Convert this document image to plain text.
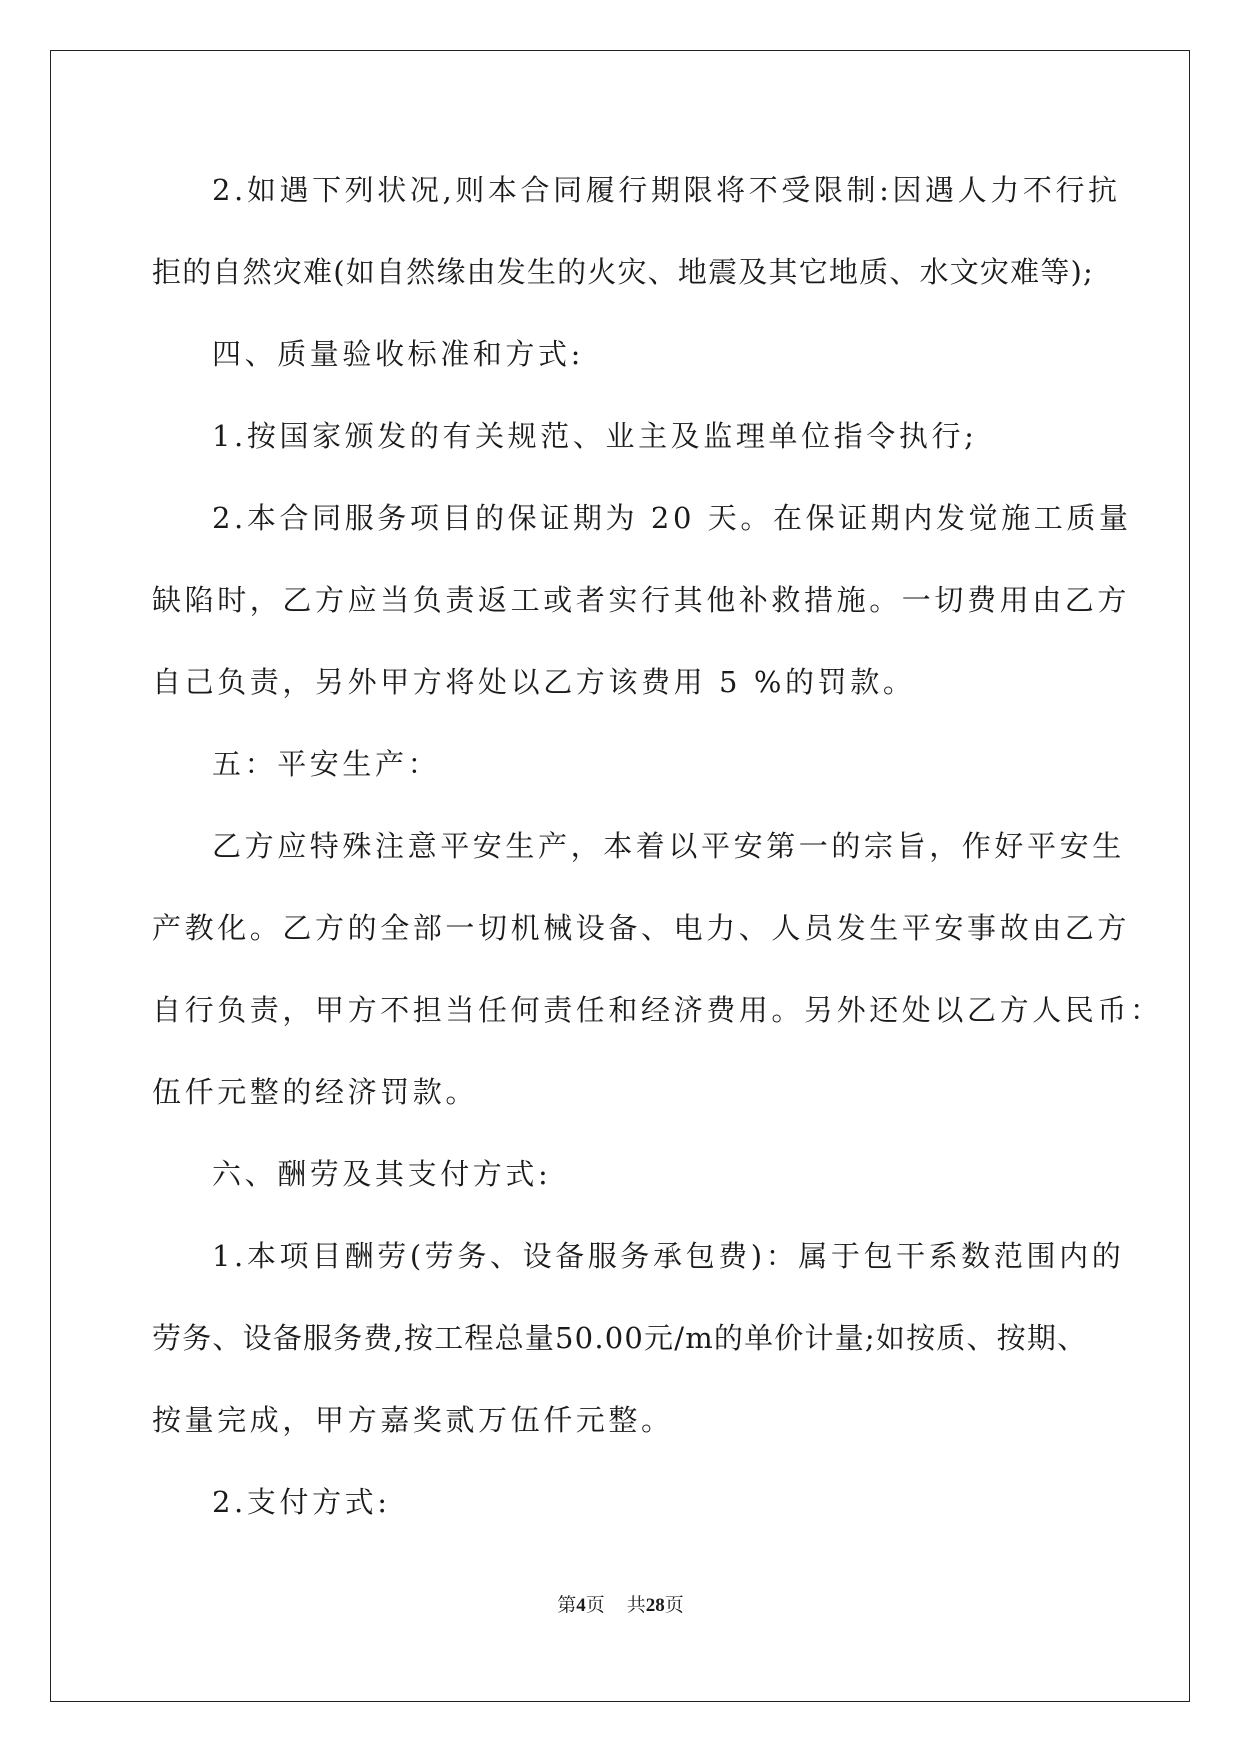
2.如遇下列状况,则本合同履行期限将不受限制:因遇人力不行抗
拒的自然灾难(如自然缘由发生的火灾、地震及其它地质、水文灾难等);
四、质量验收标准和方式:
1.按国家颁发的有关规范、业主及监理单位指令执行;
2.本合同服务项目的保证期为 20 天。在保证期内发觉施工质量
缺陷时，乙方应当负责返工或者实行其他补救措施。一切费用由乙方
自己负责，另外甲方将处以乙方该费用 5 %的罚款。
五：平安生产：
乙方应特殊注意平安生产，本着以平安第一的宗旨，作好平安生
产教化。乙方的全部一切机械设备、电力、人员发生平安事故由乙方
自行负责，甲方不担当任何责任和经济费用。另外还处以乙方人民币：
伍仟元整的经济罚款。
六、酬劳及其支付方式:
1.本项目酬劳(劳务、设备服务承包费)：属于包干系数范围内的
劳务、设备服务费,按工程总量50.00元/m的单价计量;如按质、按期、
按量完成，甲方嘉奖贰万伍仟元整。
2.支付方式:
第4页 共28页
